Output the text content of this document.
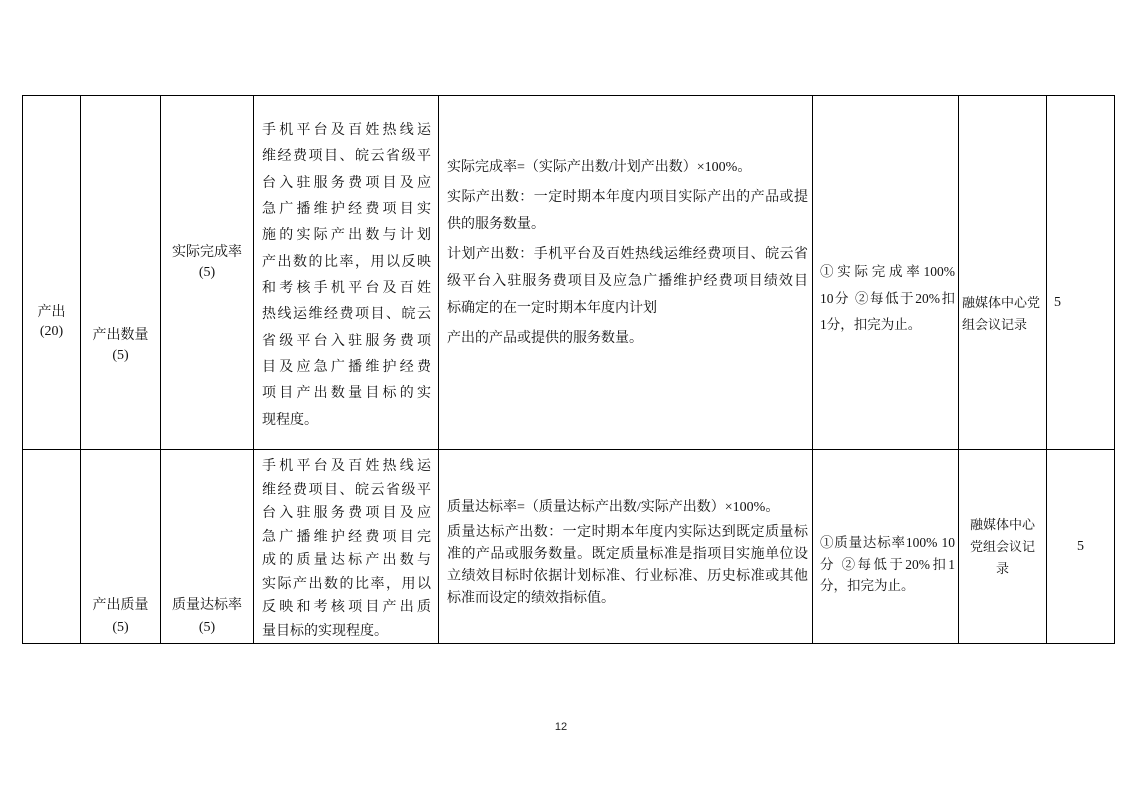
产出
(20)	产出数量
(5)
实际完成率
(5)
手机平台及百姓热线运
维经费项目、皖云省级平
台入驻服务费项目及应
急广播维护经费项目实
施的实际产出数与计划
产出数的比率，用以反映
和考核手机平台及百姓
热线运维经费项目、皖云
省级平台入驻服务费项
目及应急广播维护经费
项目产出数量目标的实
现程度。
实际完成率=（实际产出数/计划产出数）×100%。
实际产出数：一定时期本年度内项目实际产出的产品或提
供的服务数量。
计划产出数：手机平台及百姓热线运维经费项目、皖云省
级平台入驻服务费项目及应急广播维护经费项目绩效目
标确定的在一定时期本年度内计划
产出的产品或提供的服务数量。
①实际完成率100%
10分 ②每低于20%扣
1分，扣完为止。
融媒体中心党
组会议记录
5
产出质量
(5)
质量达标率
(5)
手机平台及百姓热线运
维经费项目、皖云省级平
台入驻服务费项目及应
急广播维护经费项目完
成的质量达标产出数与
实际产出数的比率，用以
反映和考核项目产出质
量目标的实现程度。
质量达标率=（质量达标产出数/实际产出数）×100%。
质量达标产出数：一定时期本年度内实际达到既定质量标
准的产品或服务数量。既定质量标准是指项目实施单位设
立绩效目标时依据计划标准、行业标准、历史标准或其他
标准而设定的绩效指标值。
①质量达标率100% 10
分 ②每低于20%扣1
分，扣完为止。
融媒体中心
党组会议记
录
5
12
